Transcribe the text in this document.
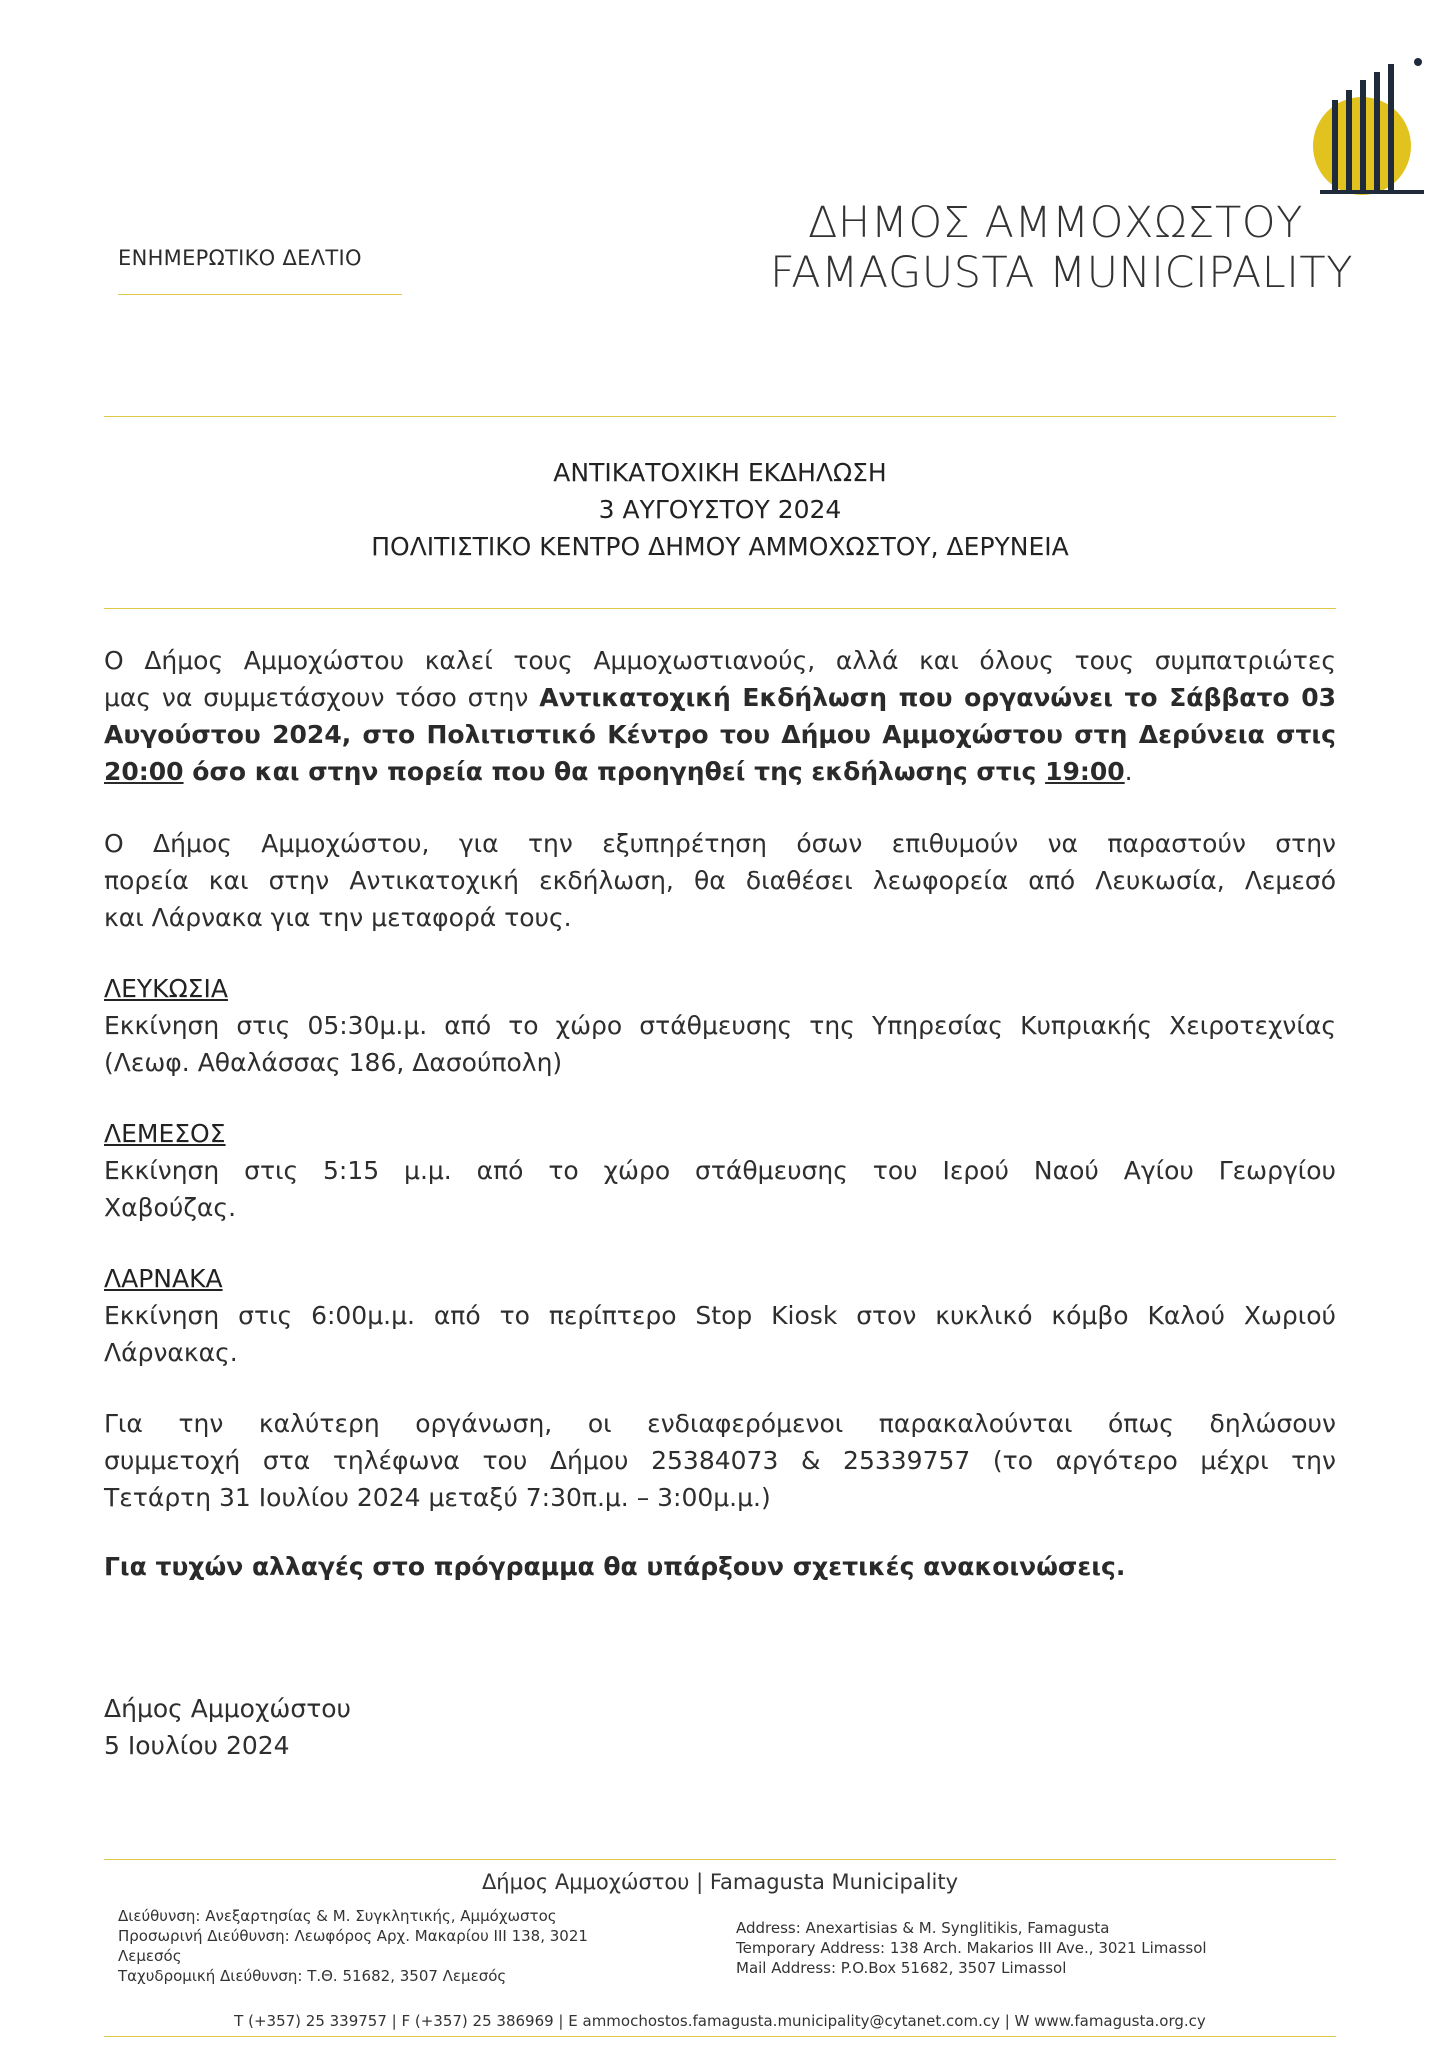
ΕΝΗΜΕΡΩΤΙΚΟ ΔΕΛΤΙΟ
ΔΗΜΟΣ ΑΜΜΟΧΩΣΤΟΥ
FAMAGUSTA MUNICIPALITY
ΑΝΤΙΚΑΤΟΧΙΚΗ ΕΚΔΗΛΩΣΗ
3 ΑΥΓΟΥΣΤΟΥ 2024
ΠΟΛΙΤΙΣΤΙΚΟ ΚΕΝΤΡΟ ΔΗΜΟΥ ΑΜΜΟΧΩΣΤΟΥ, ΔΕΡΥΝΕΙΑ
Ο Δήμος Αμμοχώστου καλεί τους Αμμοχωστιανούς, αλλά και όλους τους συμπατριώτες
μας να συμμετάσχουν τόσο στην Αντικατοχική Εκδήλωση που οργανώνει το Σάββατο 03
Αυγούστου 2024, στο Πολιτιστικό Κέντρο του Δήμου Αμμοχώστου στη Δερύνεια στις
20:00 όσο και στην πορεία που θα προηγηθεί της εκδήλωσης στις 19:00.
Ο Δήμος Αμμοχώστου, για την εξυπηρέτηση όσων επιθυμούν να παραστούν στην
πορεία και στην Αντικατοχική εκδήλωση, θα διαθέσει λεωφορεία από Λευκωσία, Λεμεσό
και Λάρνακα για την μεταφορά τους.
ΛΕΥΚΩΣΙΑ
Εκκίνηση στις 05:30μ.μ. από το χώρο στάθμευσης της Υπηρεσίας Κυπριακής Χειροτεχνίας
(Λεωφ. Αθαλάσσας 186, Δασούπολη)
ΛΕΜΕΣΟΣ
Εκκίνηση στις 5:15 μ.μ. από το χώρο στάθμευσης του Ιερού Ναού Αγίου Γεωργίου
Χαβούζας.
ΛΑΡΝΑΚΑ
Εκκίνηση στις 6:00μ.μ. από το περίπτερο Stop Kiosk στον κυκλικό κόμβο Καλού Χωριού
Λάρνακας.
Για την καλύτερη οργάνωση, οι ενδιαφερόμενοι παρακαλούνται όπως δηλώσουν
συμμετοχή στα τηλέφωνα του Δήμου 25384073 & 25339757 (το αργότερο μέχρι την
Τετάρτη 31 Ιουλίου 2024 μεταξύ 7:30π.μ. – 3:00μ.μ.)
Για τυχών αλλαγές στο πρόγραμμα θα υπάρξουν σχετικές ανακοινώσεις.
Δήμος Αμμοχώστου
5 Ιουλίου 2024
Δήμος Αμμοχώστου | Famagusta Municipality
Διεύθυνση: Ανεξαρτησίας & Μ. Συγκλητικής, Αμμόχωστος
Προσωρινή Διεύθυνση: Λεωφόρος Αρχ. Μακαρίου ΙΙΙ 138, 3021
Λεμεσός
Ταχυδρομική Διεύθυνση: Τ.Θ. 51682, 3507 Λεμεσός
Address: Anexartisias & M. Synglitikis, Famagusta
Temporary Address: 138 Arch. Makarios III Ave., 3021 Limassol
Mail Address: P.O.Box 51682, 3507 Limassol
T (+357) 25 339757 | F (+357) 25 386969 | E ammochostos.famagusta.municipality@cytanet.com.cy | W www.famagusta.org.cy
